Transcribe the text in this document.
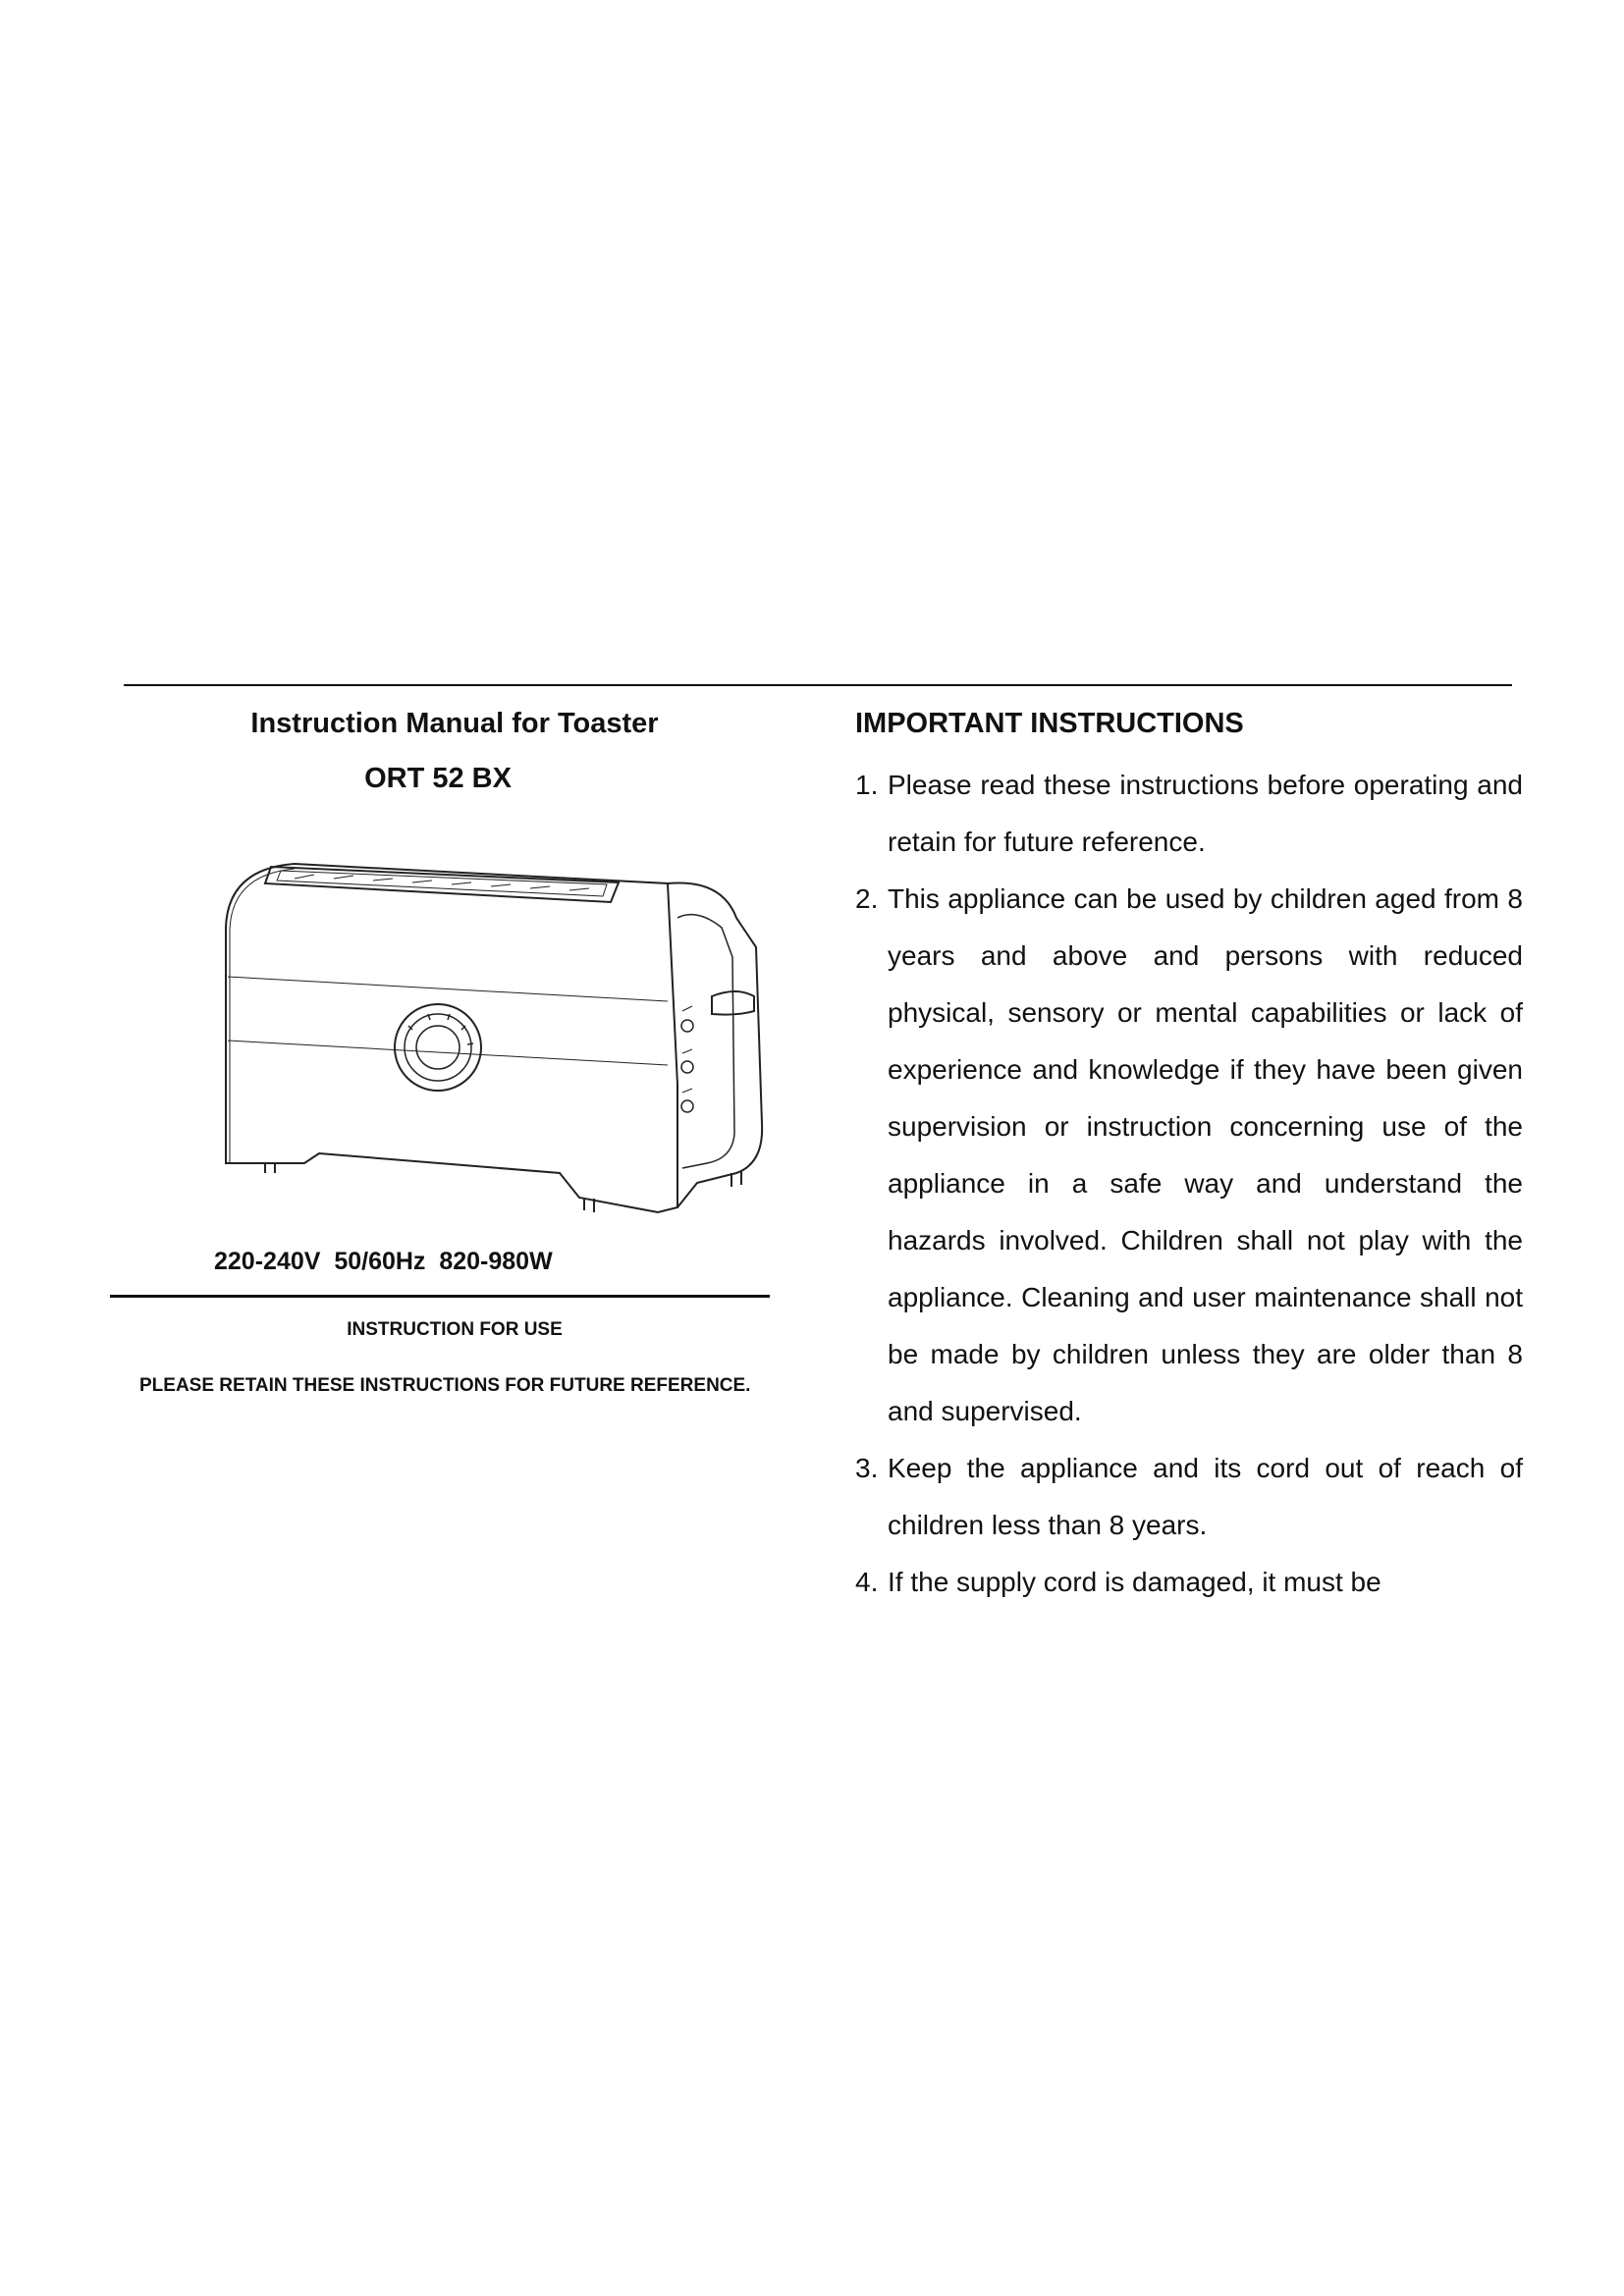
Instruction Manual for Toaster
ORT 52 BX
220-240V  50/60Hz  820-980W
INSTRUCTION FOR USE
PLEASE RETAIN THESE INSTRUCTIONS FOR FUTURE REFERENCE.
IMPORTANT INSTRUCTIONS
1. Please read these instructions before operating and retain for future reference.
2. This appliance can be used by children aged from 8 years and above and persons with reduced physical, sensory or mental capabilities or lack of experience and knowledge if they have been given supervision or instruction concerning use of the appliance in a safe way and understand the hazards involved. Children shall not play with the appliance. Cleaning and user maintenance shall not be made by children unless they are older than 8 and supervised.
3. Keep the appliance and its cord out of reach of children less than 8 years.
4. If the supply cord is damaged, it must be
